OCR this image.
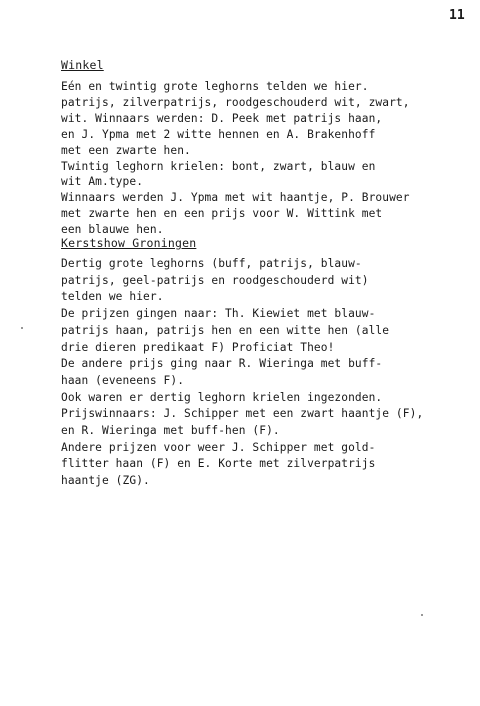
11
Winkel
Eén en twintig grote leghorns telden we hier.
patrijs, zilverpatrijs, roodgeschouderd wit, zwart,
wit. Winnaars werden: D. Peek met patrijs haan,
en J. Ypma met 2 witte hennen en A. Brakenhoff
met een zwarte hen.
Twintig leghorn krielen: bont, zwart, blauw en
wit Am.type.
Winnaars werden J. Ypma met wit haantje, P. Brouwer
met zwarte hen en een prijs voor W. Wittink met
een blauwe hen.
Kerstshow Groningen
Dertig grote leghorns (buff, patrijs, blauw-
patrijs, geel-patrijs en roodgeschouderd wit)
telden we hier.
De prijzen gingen naar: Th. Kiewiet met blauw-
patrijs haan, patrijs hen en een witte hen (alle
drie dieren predikaat F) Proficiat Theo!
De andere prijs ging naar R. Wieringa met buff-
haan (eveneens F).
Ook waren er dertig leghorn krielen ingezonden.
Prijswinnaars: J. Schipper met een zwart haantje (F),
en R. Wieringa met buff-hen (F).
Andere prijzen voor weer J. Schipper met gold-
flitter haan (F) en E. Korte met zilverpatrijs
haantje (ZG).
